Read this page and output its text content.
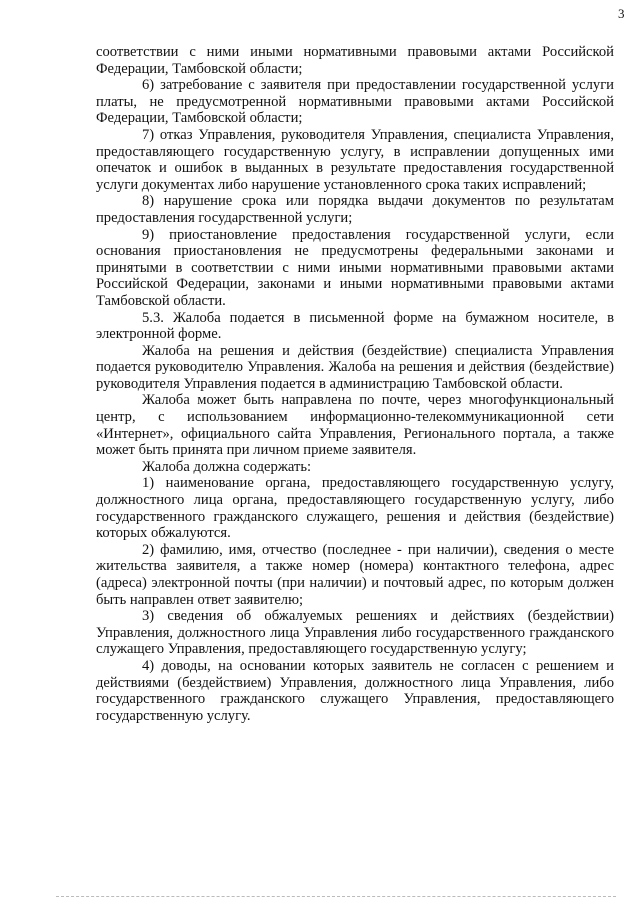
3

соответствии с ними иными нормативными правовыми актами Российской Федерации, Тамбовской области;

6) затребование с заявителя при предоставлении государственной услуги платы, не предусмотренной нормативными правовыми актами Российской Федерации, Тамбовской области;

7) отказ Управления, руководителя Управления, специалиста Управления, предоставляющего государственную услугу, в исправлении допущенных ими опечаток и ошибок в выданных в результате предоставления государственной услуги документах либо нарушение установленного срока таких исправлений;

8) нарушение срока или порядка выдачи документов по результатам предоставления государственной услуги;

9) приостановление предоставления государственной услуги, если основания приостановления не предусмотрены федеральными законами и принятыми в соответствии с ними иными нормативными правовыми актами Российской Федерации, законами и иными нормативными правовыми актами Тамбовской области.

5.3. Жалоба подается в письменной форме на бумажном носителе, в электронной форме.

Жалоба на решения и действия (бездействие) специалиста Управления подается руководителю Управления. Жалоба на решения и действия (бездействие) руководителя Управления подается в администрацию Тамбовской области.

Жалоба может быть направлена по почте, через многофункциональный центр, с использованием информационно-телекоммуникационной сети «Интернет», официального сайта Управления, Регионального портала, а также может быть принята при личном приеме заявителя.

Жалоба должна содержать:

1) наименование органа, предоставляющего государственную услугу, должностного лица органа, предоставляющего государственную услугу, либо государственного гражданского служащего, решения и действия (бездействие) которых обжалуются.

2) фамилию, имя, отчество (последнее - при наличии), сведения о месте жительства заявителя, а также номер (номера) контактного телефона, адрес (адреса) электронной почты (при наличии) и почтовый адрес, по которым должен быть направлен ответ заявителю;

3) сведения об обжалуемых решениях и действиях (бездействии) Управления, должностного лица Управления либо государственного гражданского служащего Управления, предоставляющего государственную услугу;

4) доводы, на основании которых заявитель не согласен с решением и действиями (бездействием) Управления, должностного лица Управления, либо государственного гражданского служащего Управления, предоставляющего государственную услугу.
